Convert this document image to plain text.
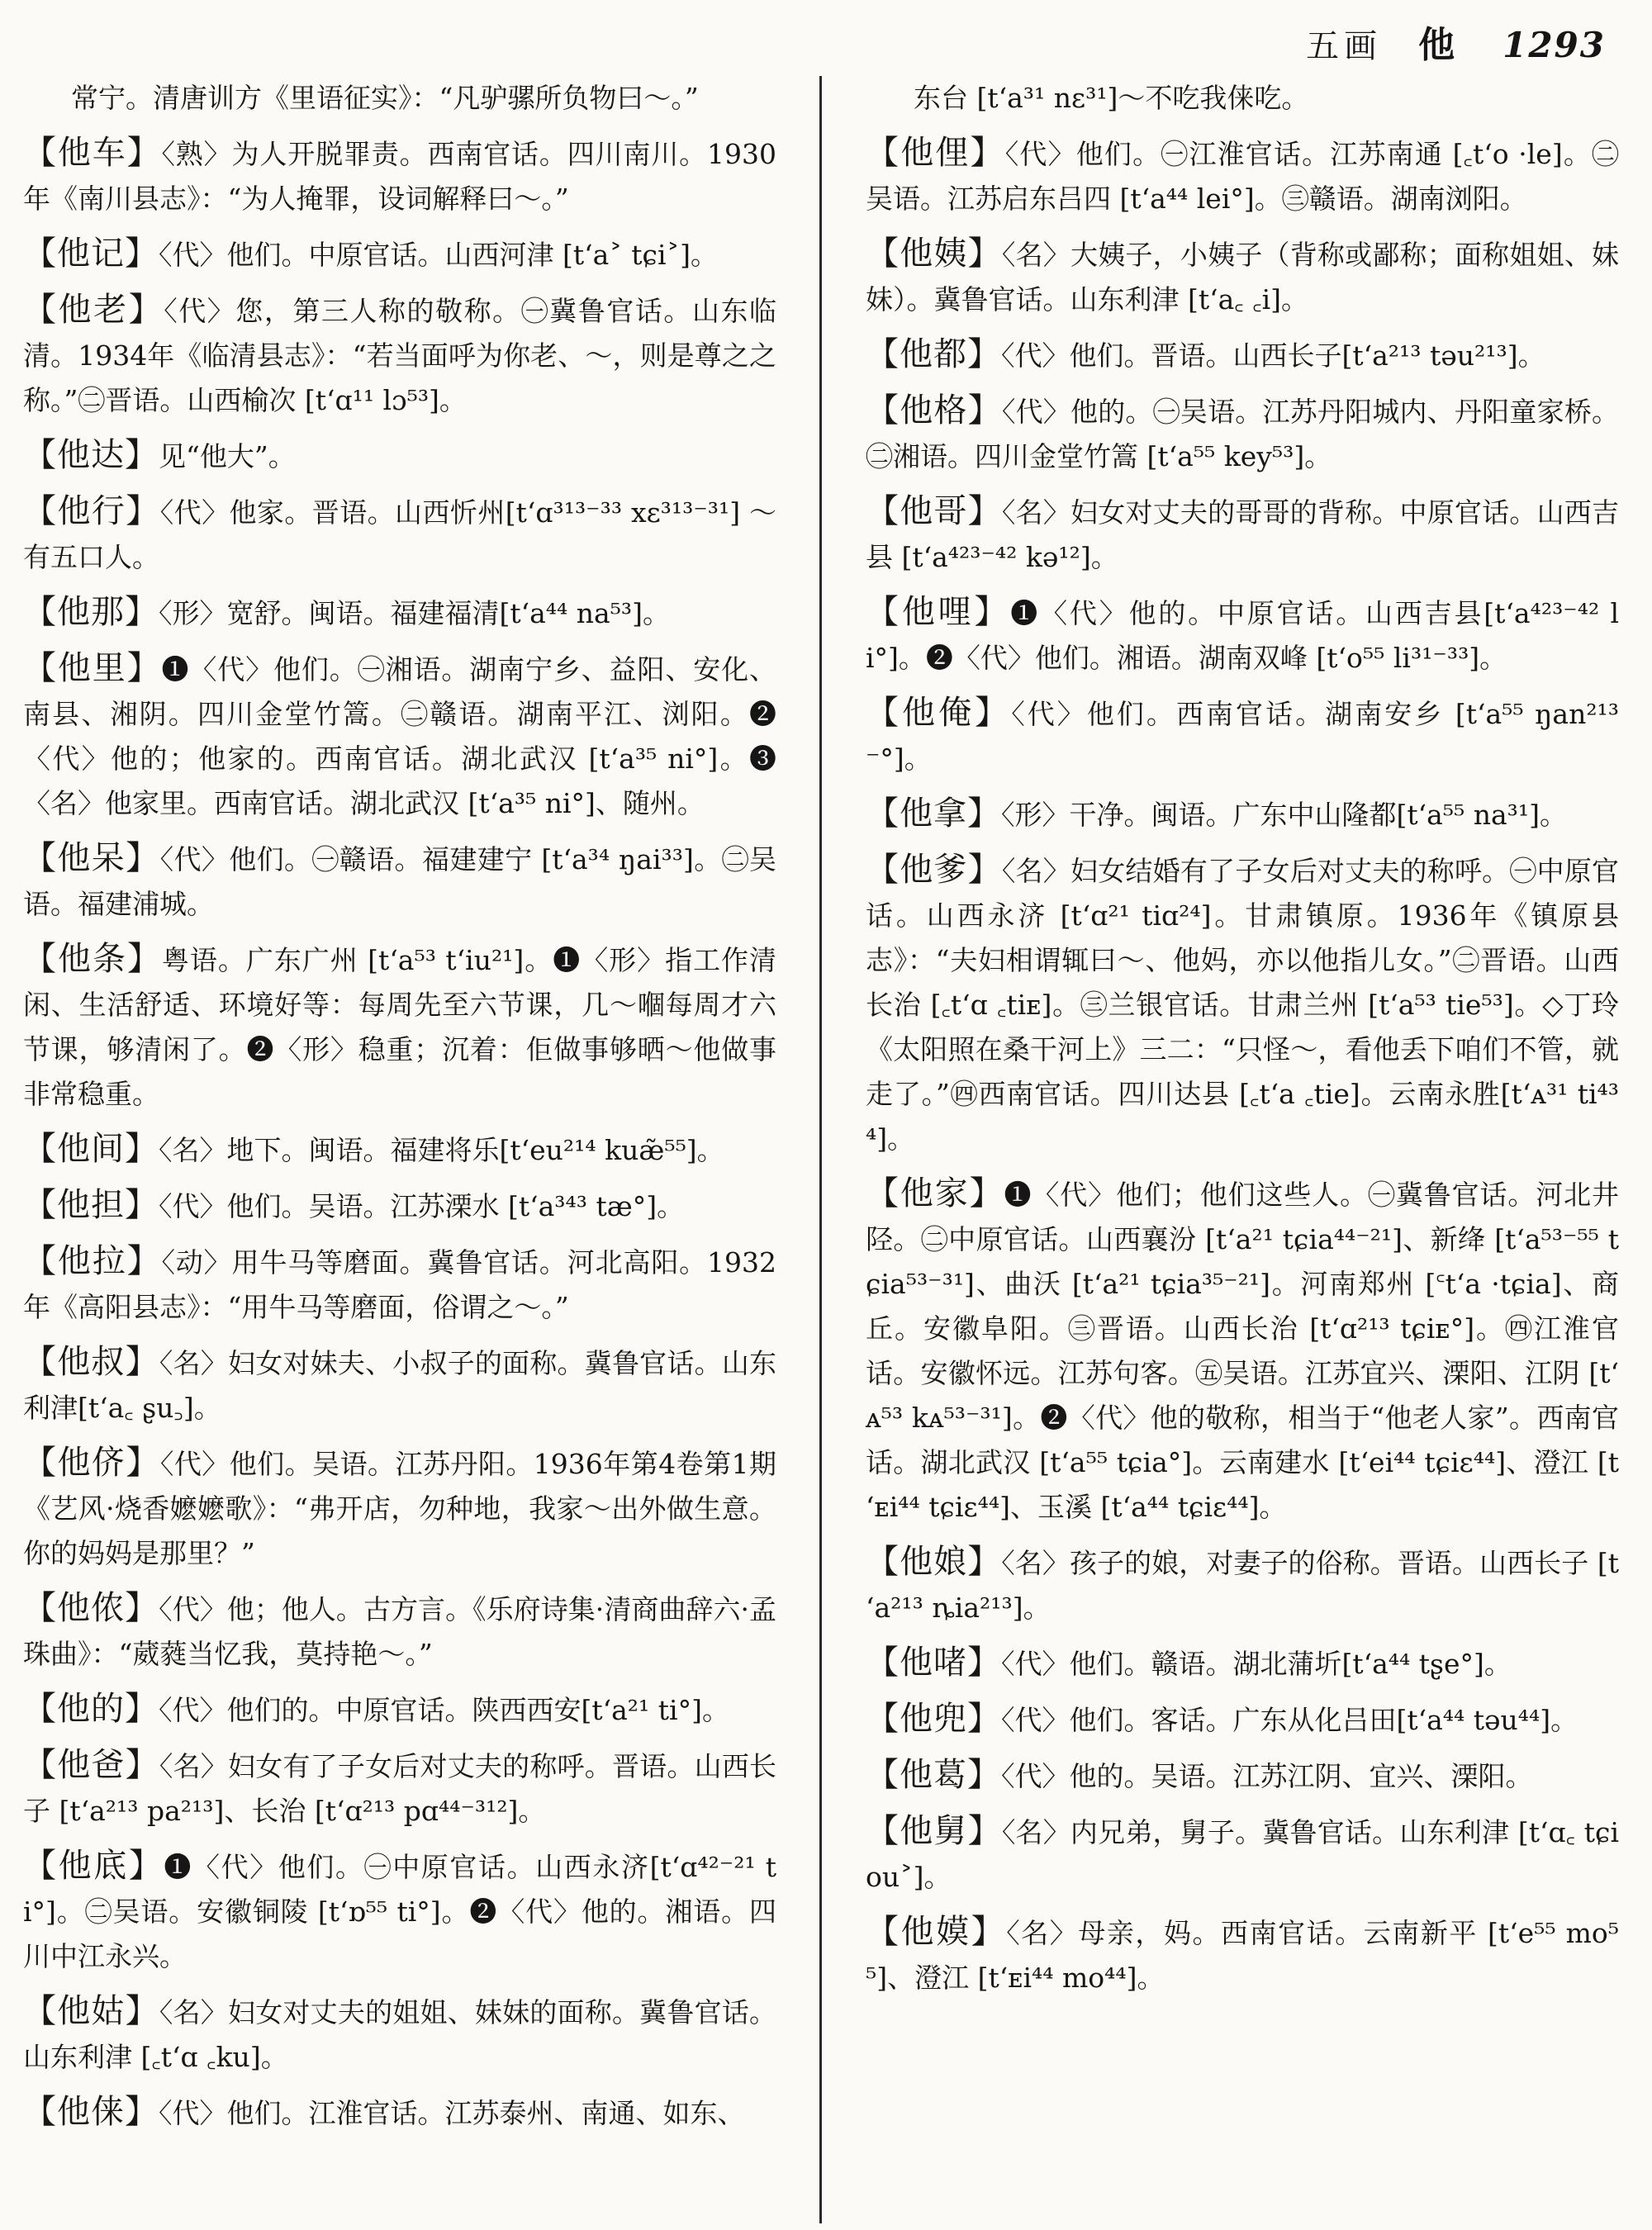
五画 他 1293

常宁。清唐训方《里语征实》：“凡驴骡所负物曰～。”

【 他车 】 〈熟〉为人开脱罪责。西南官话。四川南川。1930年《南川县志》：“为人掩罪，设词解释曰～。”

【 他记 】 〈代〉他们。中原官话。山西河津 [tʻa˃ tɕi˃]。

【 他老 】 〈代〉您，第三人称的敬称。㊀冀鲁官话。山东临清。1934年《临清县志》：“若当面呼为你老、～，则是尊之之称。”㊁晋语。山西榆次 [tʻɑ¹¹ lɔ⁵³]。

【 他达 】 见“他大”。

【 他行 】 〈代〉他家。晋语。山西忻州[tʻɑ³¹³⁻³³ xɛ³¹³⁻³¹] ～有五口人。

【 他那 】 〈形〉宽舒。闽语。福建福清[tʻa⁴⁴ na⁵³]。

【 他里 】 ❶〈代〉他们。㊀湘语。湖南宁乡、益阳、安化、南县、湘阴。四川金堂竹篙。㊁赣语。湖南平江、浏阳。❷〈代〉他的；他家的。西南官话。湖北武汉 [tʻa³⁵ ni°]。❸〈名〉他家里。西南官话。湖北武汉 [tʻa³⁵ ni°]、随州。

【 他呆 】 〈代〉他们。㊀赣语。福建建宁 [tʻa³⁴ ŋai³³]。㊁吴语。福建浦城。

【 他条 】 粤语。广东广州 [tʻa⁵³ tʻiu²¹]。❶〈形〉指工作清闲、生活舒适、环境好等：每周先至六节课，几～嗰每周才六节课，够清闲了。❷〈形〉稳重；沉着：佢做事够晒～他做事非常稳重。

【 他间 】 〈名〉地下。闽语。福建将乐[tʻeu²¹⁴ kuæ̃⁵⁵]。

【 他担 】 〈代〉他们。吴语。江苏溧水 [tʻa³⁴³ tæ°]。

【 他拉 】 〈动〉用牛马等磨面。冀鲁官话。河北高阳。1932年《高阳县志》：“用牛马等磨面，俗谓之～。”

【 他叔 】 〈名〉妇女对妹夫、小叔子的面称。冀鲁官话。山东利津[tʻa꜀ ʂu꜆]。

【 他侪 】 〈代〉他们。吴语。江苏丹阳。1936年第4卷第1期《艺风·烧香嬷嬷歌》：“弗开店，勿种地，我家～出外做生意。你的妈妈是那里？”

【 他侬 】 〈代〉他；他人。古方言。《乐府诗集·清商曲辞六·孟珠曲》：“葳蕤当忆我，莫持艳～。”

【 他的 】 〈代〉他们的。中原官话。陕西西安[tʻa²¹ ti°]。

【 他爸 】 〈名〉妇女有了子女后对丈夫的称呼。晋语。山西长子 [tʻa²¹³ pa²¹³]、长治 [tʻɑ²¹³ pɑ⁴⁴⁻³¹²]。

【 他底 】 ❶〈代〉他们。㊀中原官话。山西永济[tʻɑ⁴²⁻²¹ ti°]。㊁吴语。安徽铜陵 [tʻɒ⁵⁵ ti°]。❷〈代〉他的。湘语。四川中江永兴。

【 他姑 】 〈名〉妇女对丈夫的姐姐、妹妹的面称。冀鲁官话。山东利津 [꜀tʻɑ ꜀ku]。

【 他俫 】 〈代〉他们。江淮官话。江苏泰州、南通、如东、

东台 [tʻa³¹ nɛ³¹]～不吃我俫吃。

【 他俚 】 〈代〉他们。㊀江淮官话。江苏南通 [꜀tʻo ·le]。㊁吴语。江苏启东吕四 [tʻa⁴⁴ lei°]。㊂赣语。湖南浏阳。

【 他姨 】 〈名〉大姨子，小姨子（背称或鄙称；面称姐姐、妹妹）。冀鲁官话。山东利津 [tʻa꜀ ꜀i]。

【 他都 】 〈代〉他们。晋语。山西长子[tʻa²¹³ təu²¹³]。

【 他格 】 〈代〉他的。㊀吴语。江苏丹阳城内、丹阳童家桥。㊁湘语。四川金堂竹篙 [tʻa⁵⁵ key⁵³]。

【 他哥 】 〈名〉妇女对丈夫的哥哥的背称。中原官话。山西吉县 [tʻa⁴²³⁻⁴² kə¹²]。

【 他哩 】 ❶〈代〉他的。中原官话。山西吉县[tʻa⁴²³⁻⁴² li°]。❷〈代〉他们。湘语。湖南双峰 [tʻo⁵⁵ li³¹⁻³³]。

【 他俺 】 〈代〉他们。西南官话。湖南安乡 [tʻa⁵⁵ ŋan²¹³⁻°]。

【 他拿 】 〈形〉干净。闽语。广东中山隆都[tʻa⁵⁵ na³¹]。

【 他爹 】 〈名〉妇女结婚有了子女后对丈夫的称呼。㊀中原官话。山西永济 [tʻɑ²¹ tiɑ²⁴]。甘肃镇原。1936年《镇原县志》：“夫妇相谓辄曰～、他妈，亦以他指儿女。”㊁晋语。山西长治 [꜀tʻɑ ꜀tiᴇ]。㊂兰银官话。甘肃兰州 [tʻa⁵³ tie⁵³]。◇丁玲《太阳照在桑干河上》三二：“只怪～，看他丢下咱们不管，就走了。”㊃西南官话。四川达县 [꜀tʻa ꜀tie]。云南永胜[tʻᴀ³¹ ti⁴³⁴]。

【 他家 】 ❶〈代〉他们；他们这些人。㊀冀鲁官话。河北井陉。㊁中原官话。山西襄汾 [tʻa²¹ tɕia⁴⁴⁻²¹]、新绛 [tʻa⁵³⁻⁵⁵ tɕia⁵³⁻³¹]、曲沃 [tʻa²¹ tɕia³⁵⁻²¹]。河南郑州 [꜂tʻa ·tɕia]、商丘。安徽阜阳。㊂晋语。山西长治 [tʻɑ²¹³ tɕiᴇ°]。㊃江淮官话。安徽怀远。江苏句客。㊄吴语。江苏宜兴、溧阳、江阴 [tʻᴀ⁵³ kᴀ⁵³⁻³¹]。❷〈代〉他的敬称，相当于“他老人家”。西南官话。湖北武汉 [tʻa⁵⁵ tɕia°]。云南建水 [tʻei⁴⁴ tɕiɛ⁴⁴]、澄江 [tʻᴇi⁴⁴ tɕiɛ⁴⁴]、玉溪 [tʻa⁴⁴ tɕiɛ⁴⁴]。

【 他娘 】 〈名〉孩子的娘，对妻子的俗称。晋语。山西长子 [tʻa²¹³ ȵia²¹³]。

【 他啫 】 〈代〉他们。赣语。湖北蒲圻[tʻa⁴⁴ tʂe°]。

【 他兜 】 〈代〉他们。客话。广东从化吕田[tʻa⁴⁴ təu⁴⁴]。

【 他葛 】 〈代〉他的。吴语。江苏江阴、宜兴、溧阳。

【 他舅 】 〈名〉内兄弟，舅子。冀鲁官话。山东利津 [tʻɑ꜀ tɕiou˃]。

【 他嫫 】 〈名〉母亲，妈。西南官话。云南新平 [tʻe⁵⁵ mo⁵⁵]、澄江 [tʻᴇi⁴⁴ mo⁴⁴]。
